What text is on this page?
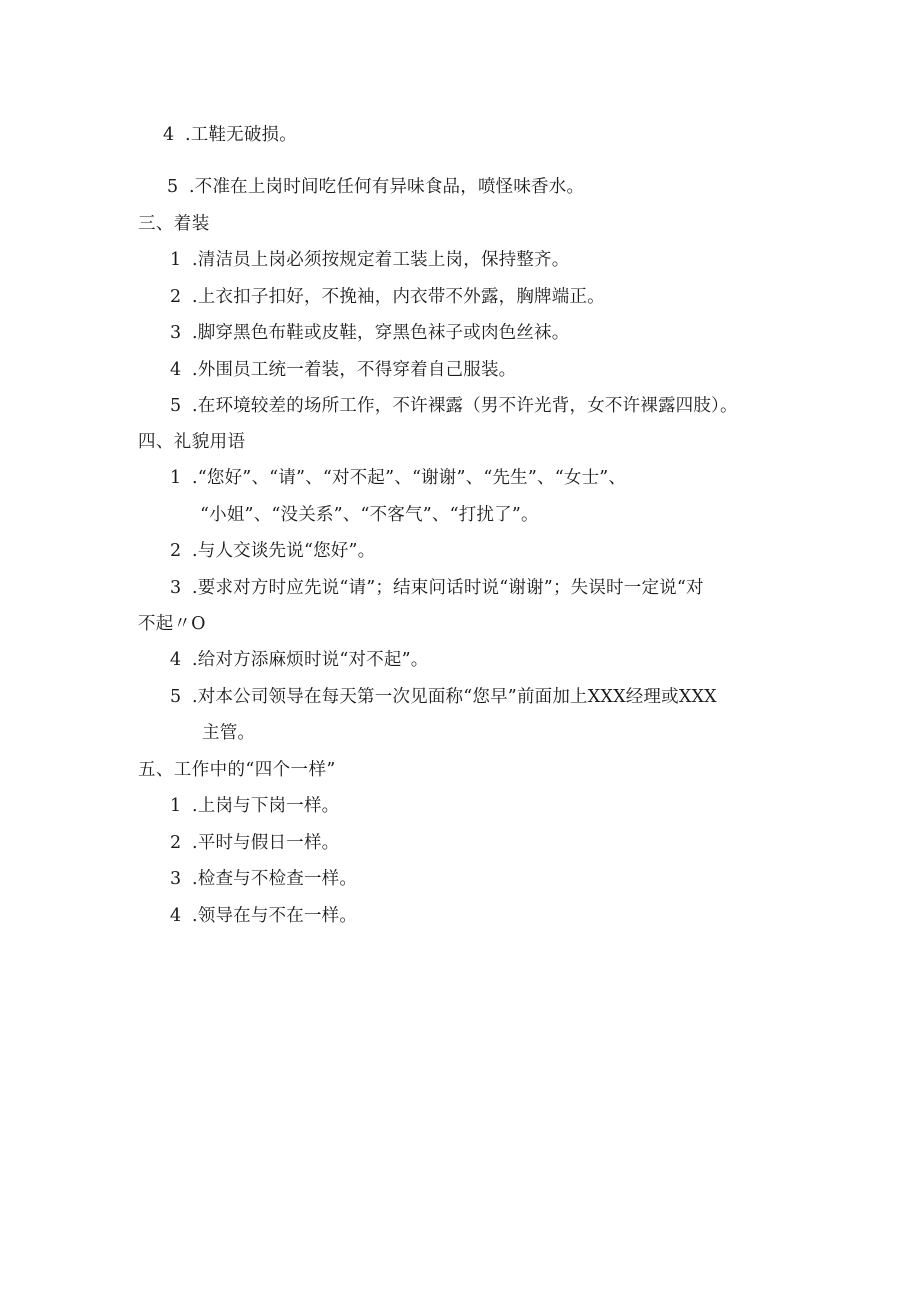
4 .工鞋无破损。
5 .不准在上岗时间吃任何有异味食品，喷怪味香水。
三、着装
1 .清洁员上岗必须按规定着工装上岗，保持整齐。
2 .上衣扣子扣好，不挽袖，内衣带不外露，胸牌端正。
3 .脚穿黑色布鞋或皮鞋，穿黑色袜子或肉色丝袜。
4 .外围员工统一着装，不得穿着自己服装。
5 .在环境较差的场所工作，不许裸露（男不许光背，女不许裸露四肢）。
四、礼貌用语
1 .“您好”、“请”、“对不起”、“谢谢”、“先生”、“女士”、
“小姐”、“没关系”、“不客气”、“打扰了”。
2 .与人交谈先说“您好”。
3 .要求对方时应先说“请”；结束问话时说“谢谢”；失误时一定说“对
不起〃O
4 .给对方添麻烦时说“对不起”。
5 .对本公司领导在每天第一次见面称“您早”前面加上XXX经理或XXX
主管。
五、工作中的“四个一样”
1 .上岗与下岗一样。
2 .平时与假日一样。
3 .检查与不检查一样。
4 .领导在与不在一样。
